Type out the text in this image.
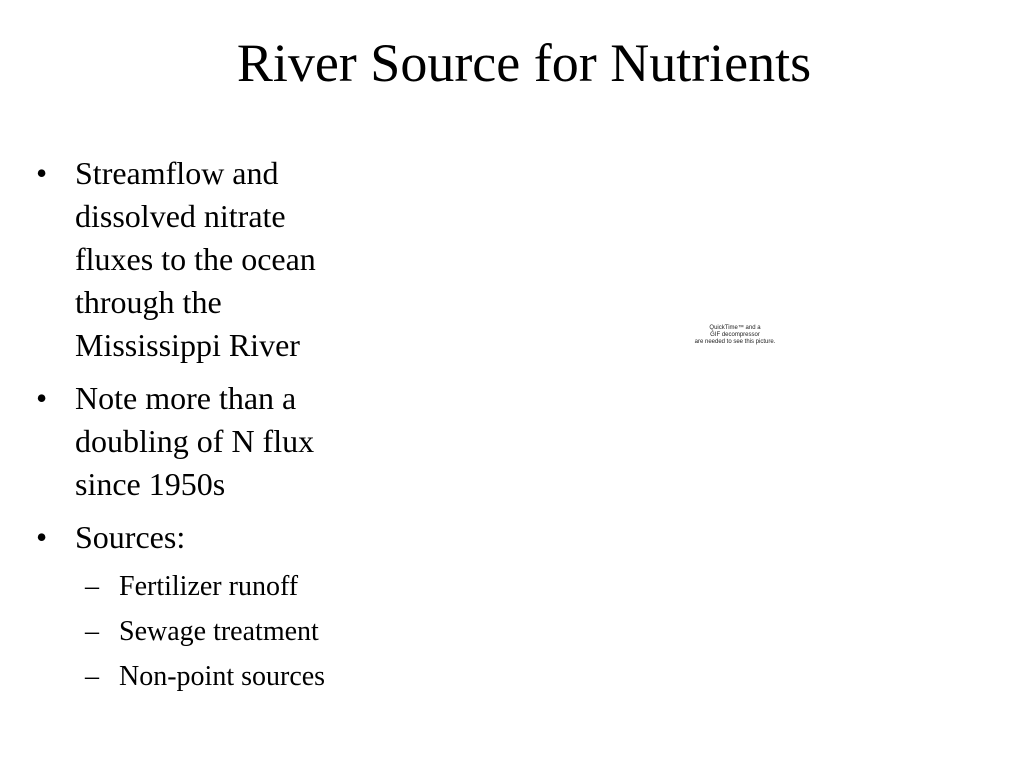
River Source for Nutrients
• Streamflow and
dissolved nitrate
fluxes to the ocean
through the
Mississippi River
• Note more than a
doubling of N flux
since 1950s
• Sources:
– Fertilizer runoff
– Sewage treatment
– Non-point sources
QuickTime™ and a
GIF decompressor
are needed to see this picture.
